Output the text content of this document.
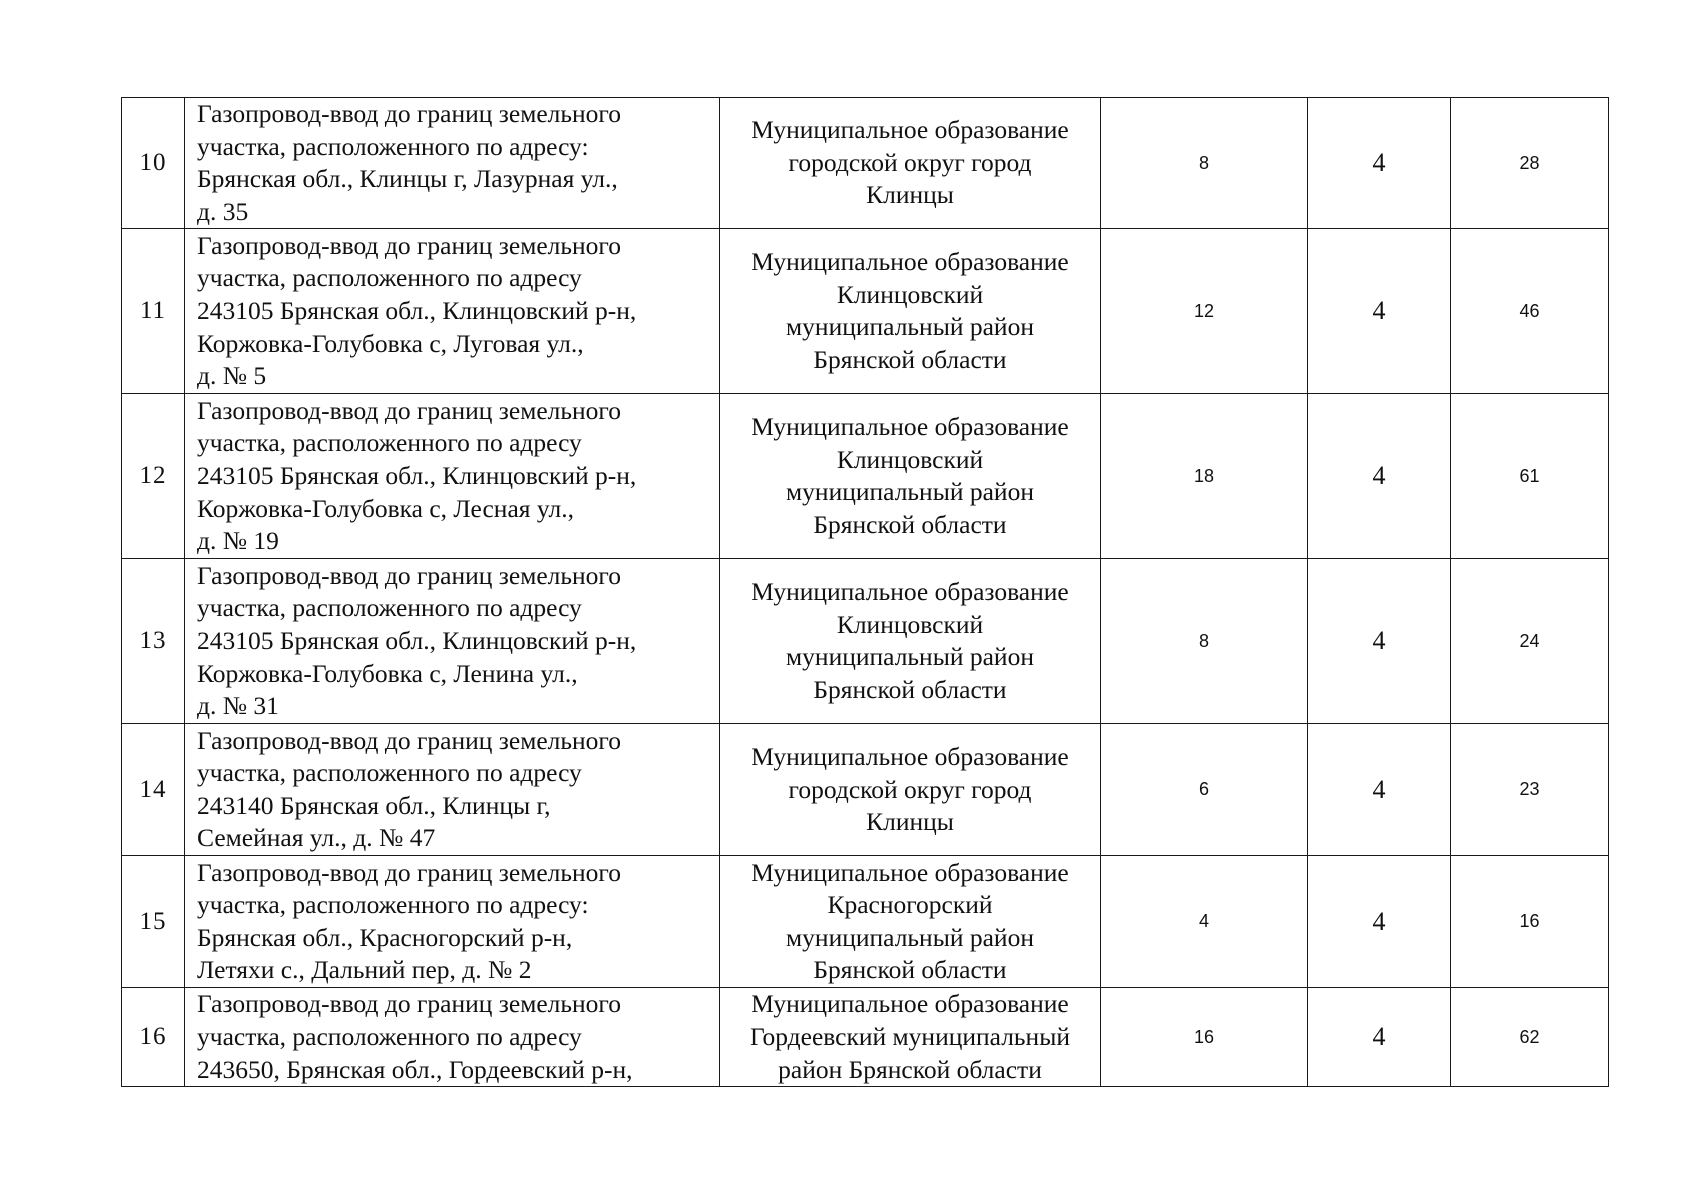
10	Газопровод-ввод до границ земельного
участка, расположенного по адресу:
Брянская обл., Клинцы г, Лазурная ул.,
д. 35	Муниципальное образование
городской округ город
Клинцы	8	4	28
11	Газопровод-ввод до границ земельного
участка, расположенного по адресу
243105 Брянская обл., Клинцовский р-н,
Коржовка-Голубовка с, Луговая ул.,
д. № 5	Муниципальное образование
Клинцовский
муниципальный район
Брянской области	12	4	46
12	Газопровод-ввод до границ земельного
участка, расположенного по адресу
243105 Брянская обл., Клинцовский р-н,
Коржовка-Голубовка с, Лесная ул.,
д. № 19	Муниципальное образование
Клинцовский
муниципальный район
Брянской области	18	4	61
13	Газопровод-ввод до границ земельного
участка, расположенного по адресу
243105 Брянская обл., Клинцовский р-н,
Коржовка-Голубовка с, Ленина ул.,
д. № 31	Муниципальное образование
Клинцовский
муниципальный район
Брянской области	8	4	24
14	Газопровод-ввод до границ земельного
участка, расположенного по адресу
243140 Брянская обл., Клинцы г,
Семейная ул., д. № 47	Муниципальное образование
городской округ город
Клинцы	6	4	23
15	Газопровод-ввод до границ земельного
участка, расположенного по адресу:
Брянская обл., Красногорский р-н,
Летяхи с., Дальний пер, д. № 2	Муниципальное образование
Красногорский
муниципальный район
Брянской области	4	4	16
16	Газопровод-ввод до границ земельного
участка, расположенного по адресу
243650, Брянская обл., Гордеевский р-н,	Муниципальное образование
Гордеевский муниципальный
район Брянской области	16	4	62
